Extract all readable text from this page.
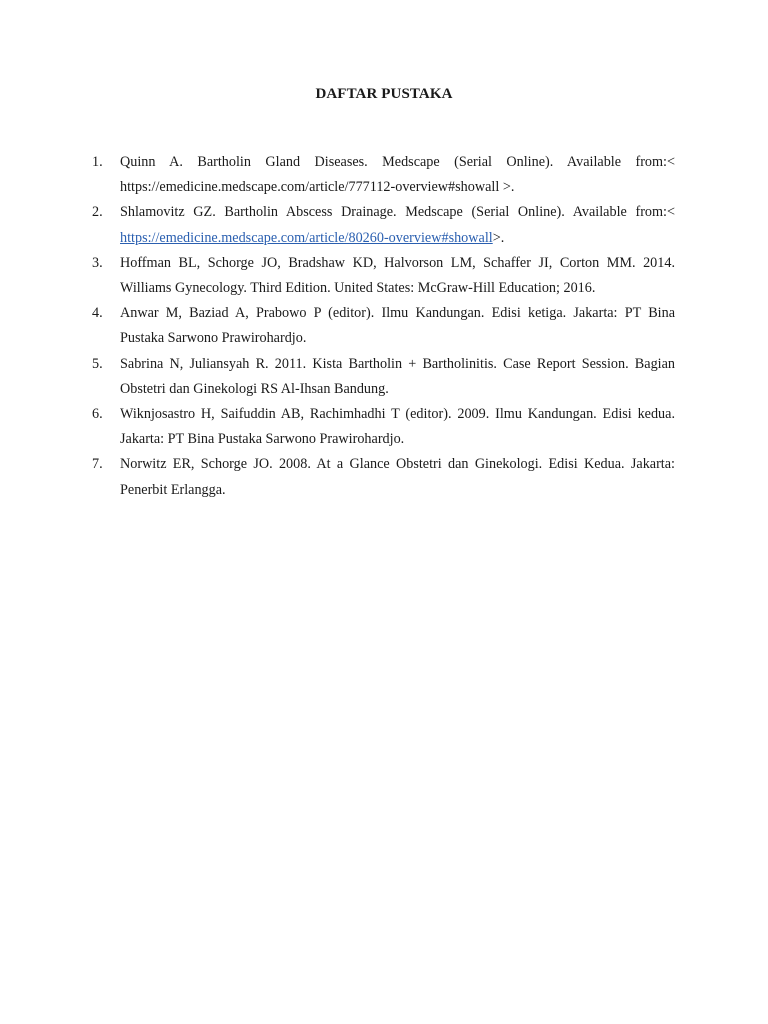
DAFTAR PUSTAKA
1. Quinn A. Bartholin Gland Diseases. Medscape (Serial Online). Available from:< https://emedicine.medscape.com/article/777112-overview#showall >.
2. Shlamovitz GZ. Bartholin Abscess Drainage. Medscape (Serial Online). Available from:< https://emedicine.medscape.com/article/80260-overview#showall>.
3. Hoffman BL, Schorge JO, Bradshaw KD, Halvorson LM, Schaffer JI, Corton MM. 2014. Williams Gynecology. Third Edition. United States: McGraw-Hill Education; 2016.
4. Anwar M, Baziad A, Prabowo P (editor). Ilmu Kandungan. Edisi ketiga. Jakarta: PT Bina Pustaka Sarwono Prawirohardjo.
5. Sabrina N, Juliansyah R. 2011. Kista Bartholin + Bartholinitis. Case Report Session. Bagian Obstetri dan Ginekologi RS Al-Ihsan Bandung.
6. Wiknjosastro H, Saifuddin AB, Rachimhadhi T (editor). 2009. Ilmu Kandungan. Edisi kedua. Jakarta: PT Bina Pustaka Sarwono Prawirohardjo.
7. Norwitz ER, Schorge JO. 2008. At a Glance Obstetri dan Ginekologi. Edisi Kedua. Jakarta: Penerbit Erlangga.
